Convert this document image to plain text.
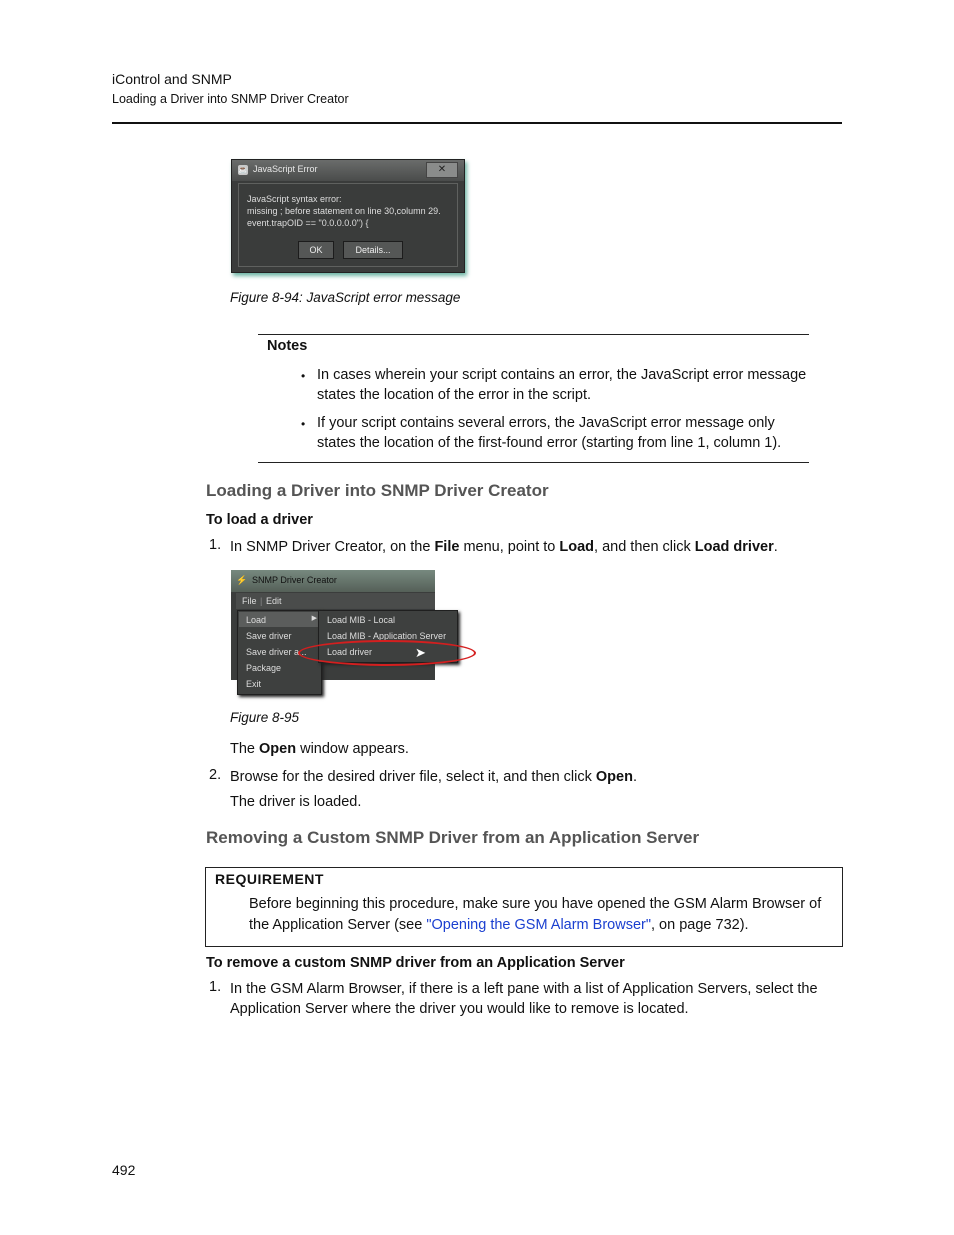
iControl and SNMP
Loading a Driver into SNMP Driver Creator
☕ JavaScript Error	✕
JavaScript syntax error:
missing ; before statement on line 30,column 29.
event.trapOID == "0.0.0.0.0") {
OK	Details...
Figure 8-94: JavaScript error message
Notes
• In cases wherein your script contains an error, the JavaScript error message states the location of the error in the script.
• If your script contains several errors, the JavaScript error message only states the location of the first-found error (starting from line 1, column 1).
Loading a Driver into SNMP Driver Creator
To load a driver
1. In SNMP Driver Creator, on the File menu, point to Load, and then click Load driver.
⚡ SNMP Driver Creator
File | Edit
Load	▶
Save driver
Save driver a...
Package
Exit
Load MIB - Local
Load MIB - Application Server
Load driver	➤
Figure 8-95
The Open window appears.
2. Browse for the desired driver file, select it, and then click Open.
The driver is loaded.
Removing a Custom SNMP Driver from an Application Server
REQUIREMENT
Before beginning this procedure, make sure you have opened the GSM Alarm Browser of the Application Server (see "Opening the GSM Alarm Browser", on page 732).
To remove a custom SNMP driver from an Application Server
1. In the GSM Alarm Browser, if there is a left pane with a list of Application Servers, select the Application Server where the driver you would like to remove is located.
492
